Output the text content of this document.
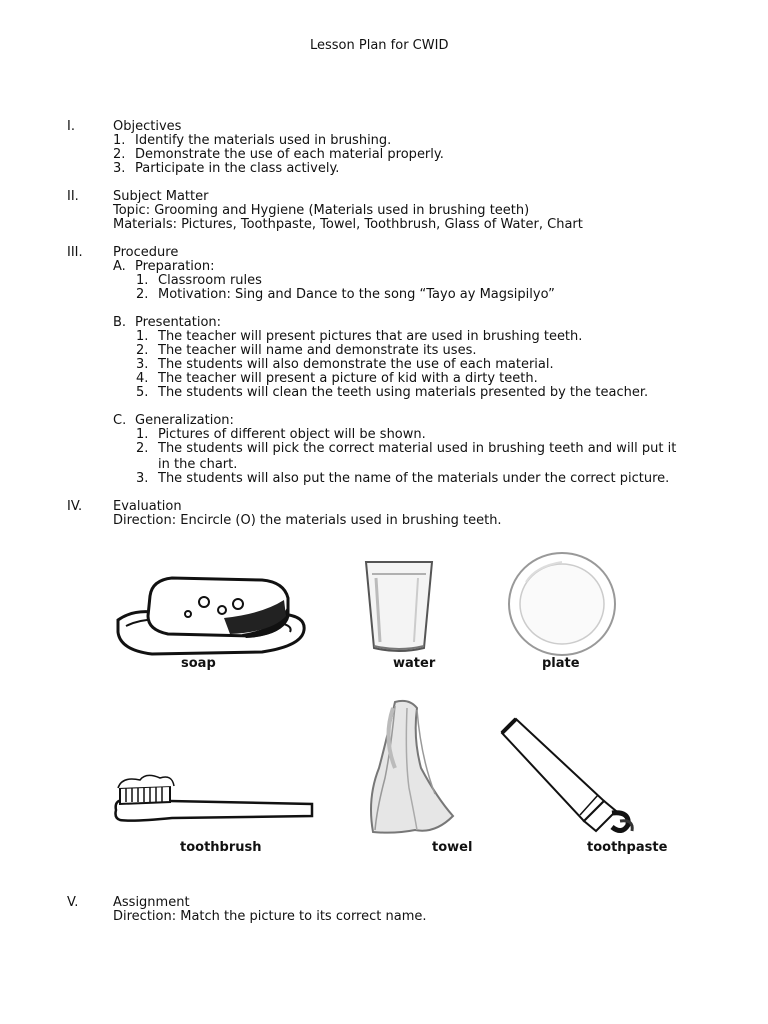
Lesson Plan for CWID
I.	Objectives
1. Identify the materials used in brushing.
2. Demonstrate the use of each material properly.
3. Participate in the class actively.
II.	Subject Matter
Topic: Grooming and Hygiene (Materials used in brushing teeth)
Materials: Pictures, Toothpaste, Towel, Toothbrush, Glass of Water, Chart
III. Procedure
A. Preparation:
1. Classroom rules
2. Motivation: Sing and Dance to the song “Tayo ay Magsipilyo”
B. Presentation:
1. The teacher will present pictures that are used in brushing teeth.
2. The teacher will name and demonstrate its uses.
3. The students will also demonstrate the use of each material.
4. The teacher will present a picture of kid with a dirty teeth.
5. The students will clean the teeth using materials presented by the teacher.
C. Generalization:
1. Pictures of different object will be shown.
2. The students will pick the correct material used in brushing teeth and will put it
in the chart.
3. The students will also put the name of the materials under the correct picture.
IV. Evaluation
Direction: Encircle (O) the materials used in brushing teeth.
soap	water	plate
toothbrush	towel	toothpaste
V.	Assignment
Direction: Match the picture to its correct name.
